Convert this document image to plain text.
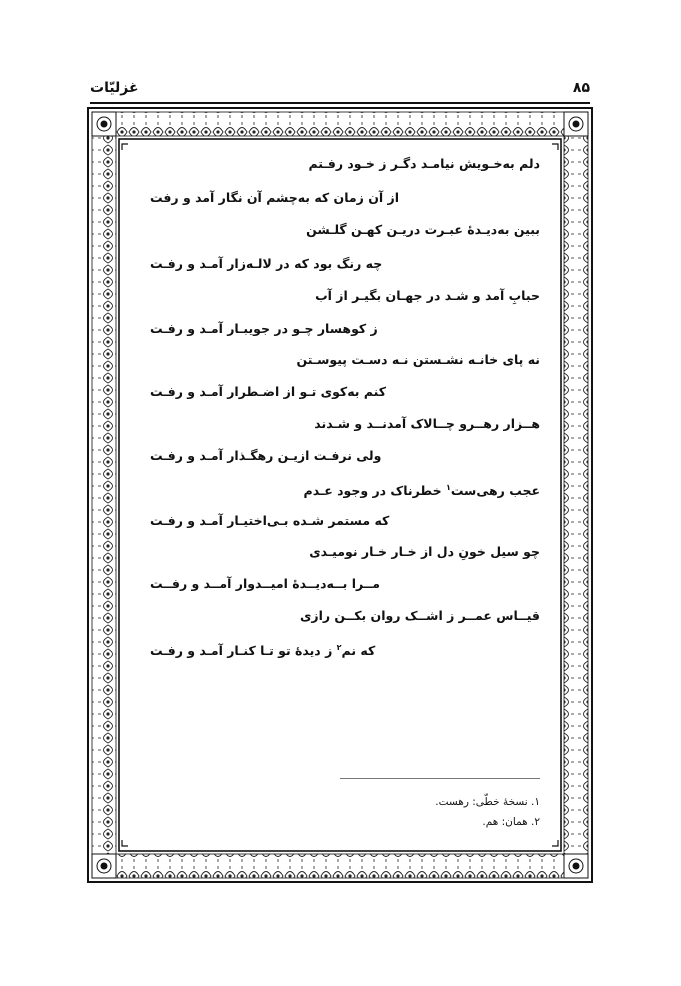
غزلیّات	۸۵
دلم به‌خـویش نیامـد دگـر ز خـود رفـتم
از آن زمان که به‌چشم آن نگار آمد و رفت
ببین به‌دیـدهٔ عبـرت دریـن کهـن گلـشن
چه رنگ بود که در لالـه‌زار آمـد و رفـت
حبابِ آمد و شـد در جهـان بگیـر از آب
ز کوهسار چـو در جویبـار آمـد و رفـت
نه پای خانـه نشـستن نـه دسـت پیوسـتن
کنم به‌کوی تـو از اضـطرار آمـد و رفـت
هــزار رهــرو چــالاک آمدنــد و شـدند
ولی نرفـت ازیـن رهگـذار آمـد و رفـت
عجب رهی‌ست$^۱$ خطرناک در وجود عـدم
که مستمر شـده بـی‌اختیـار آمـد و رفـت
چو سیل خونِ دل از خـار خـار نومیـدی
مــرا بــه‌دیــدهٔ امیــدوار آمــد و رفــت
قیــاس عمــر ز اشــک روان بکــن رازی
که نم$^۲$ ز دیدهٔ تو تـا کنـار آمـد و رفـت
۱. نسخهٔ خطّی: رهست.
۲. همان: هم.
